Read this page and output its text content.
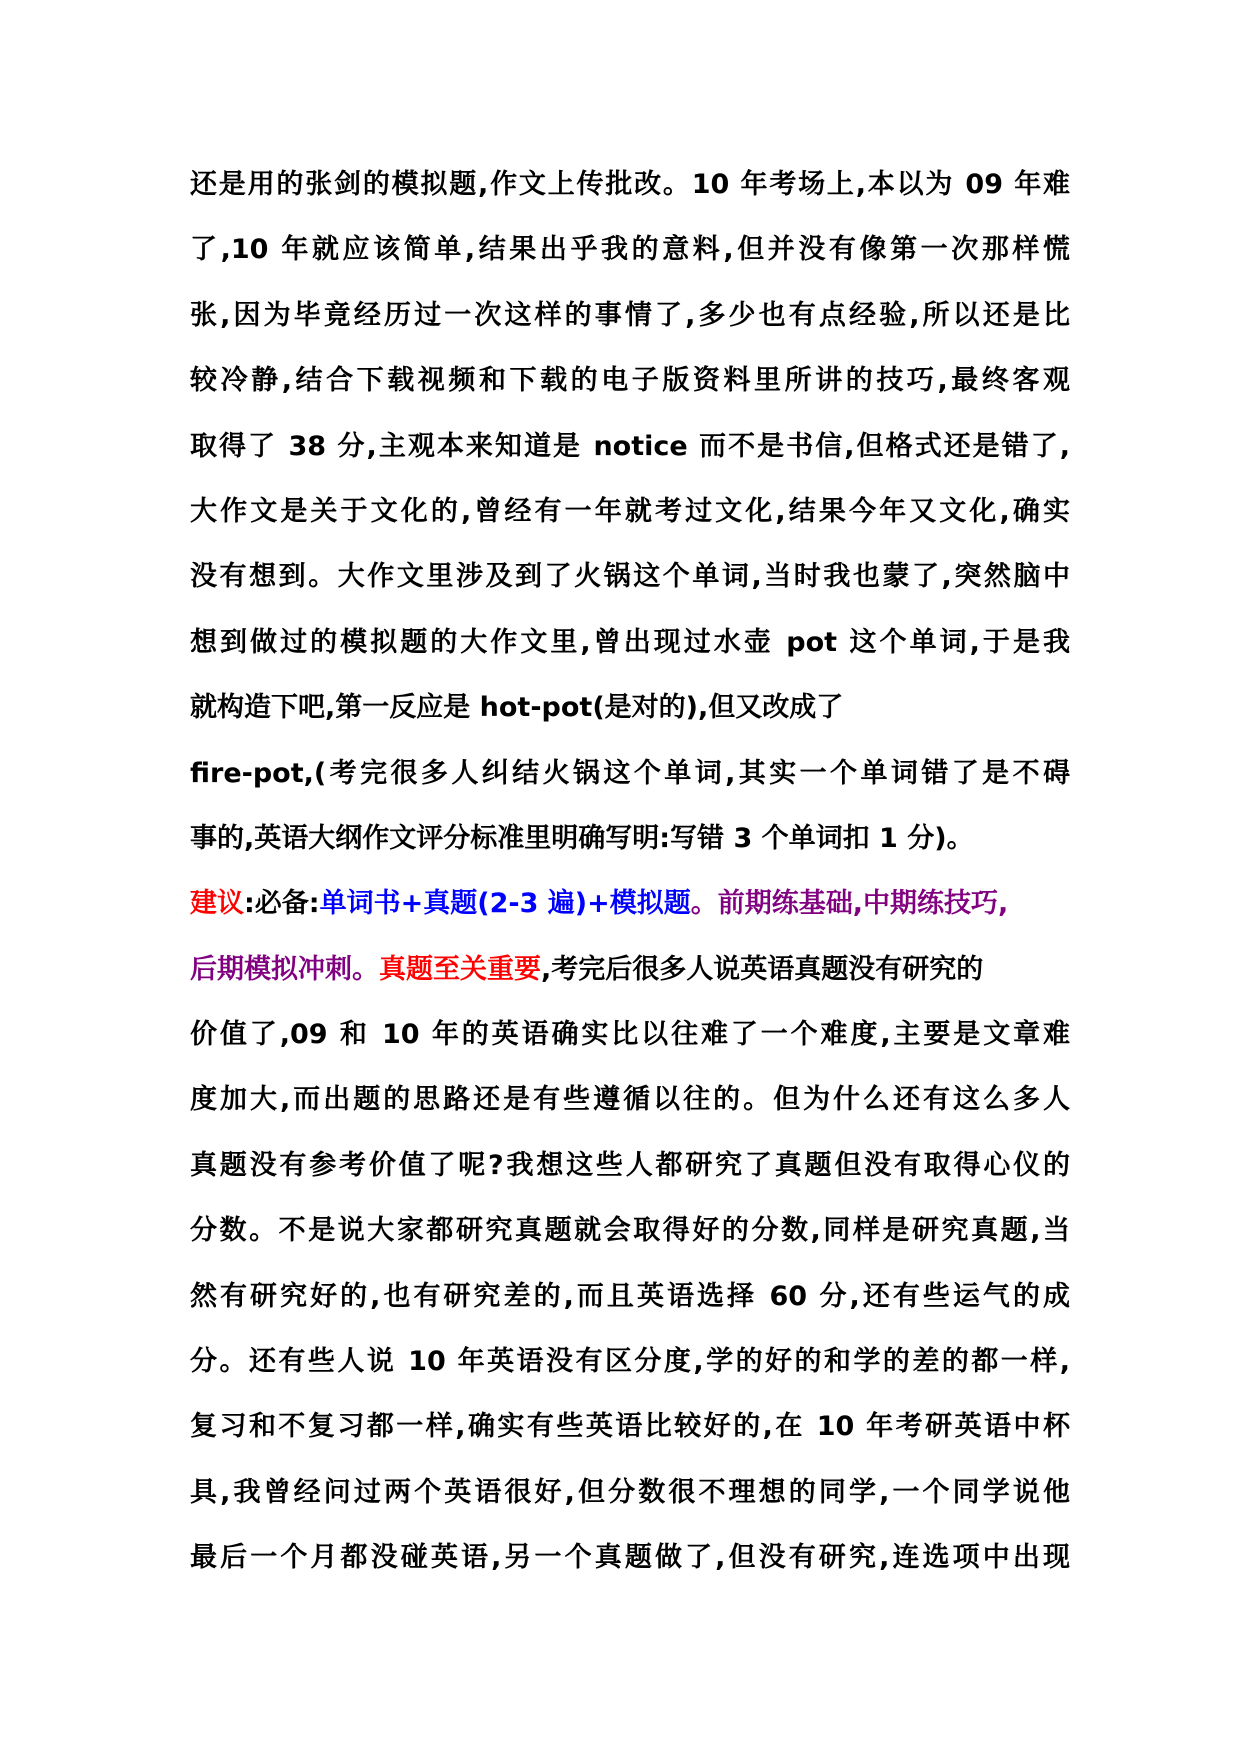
还是用的张剑的模拟题,作文上传批改。10 年考场上,本以为 09 年难
了,10 年就应该简单,结果出乎我的意料,但并没有像第一次那样慌
张,因为毕竟经历过一次这样的事情了,多少也有点经验,所以还是比
较冷静,结合下载视频和下载的电子版资料里所讲的技巧,最终客观
取得了 38 分,主观本来知道是 notice 而不是书信,但格式还是错了,
大作文是关于文化的,曾经有一年就考过文化,结果今年又文化,确实
没有想到。大作文里涉及到了火锅这个单词,当时我也蒙了,突然脑中
想到做过的模拟题的大作文里,曾出现过水壶 pot 这个单词,于是我
就构造下吧,第一反应是 hot-pot(是对的),但又改成了
fire-pot,(考完很多人纠结火锅这个单词,其实一个单词错了是不碍
事的,英语大纲作文评分标准里明确写明:写错 3 个单词扣 1 分)。
建议:必备:单词书+真题(2-3 遍)+模拟题。前期练基础,中期练技巧,
后期模拟冲刺。真题至关重要,考完后很多人说英语真题没有研究的
价值了,09 和 10 年的英语确实比以往难了一个难度,主要是文章难
度加大,而出题的思路还是有些遵循以往的。但为什么还有这么多人
真题没有参考价值了呢?我想这些人都研究了真题但没有取得心仪的
分数。不是说大家都研究真题就会取得好的分数,同样是研究真题,当
然有研究好的,也有研究差的,而且英语选择 60 分,还有些运气的成
分。还有些人说 10 年英语没有区分度,学的好的和学的差的都一样,
复习和不复习都一样,确实有些英语比较好的,在 10 年考研英语中杯
具,我曾经问过两个英语很好,但分数很不理想的同学,一个同学说他
最后一个月都没碰英语,另一个真题做了,但没有研究,连选项中出现
